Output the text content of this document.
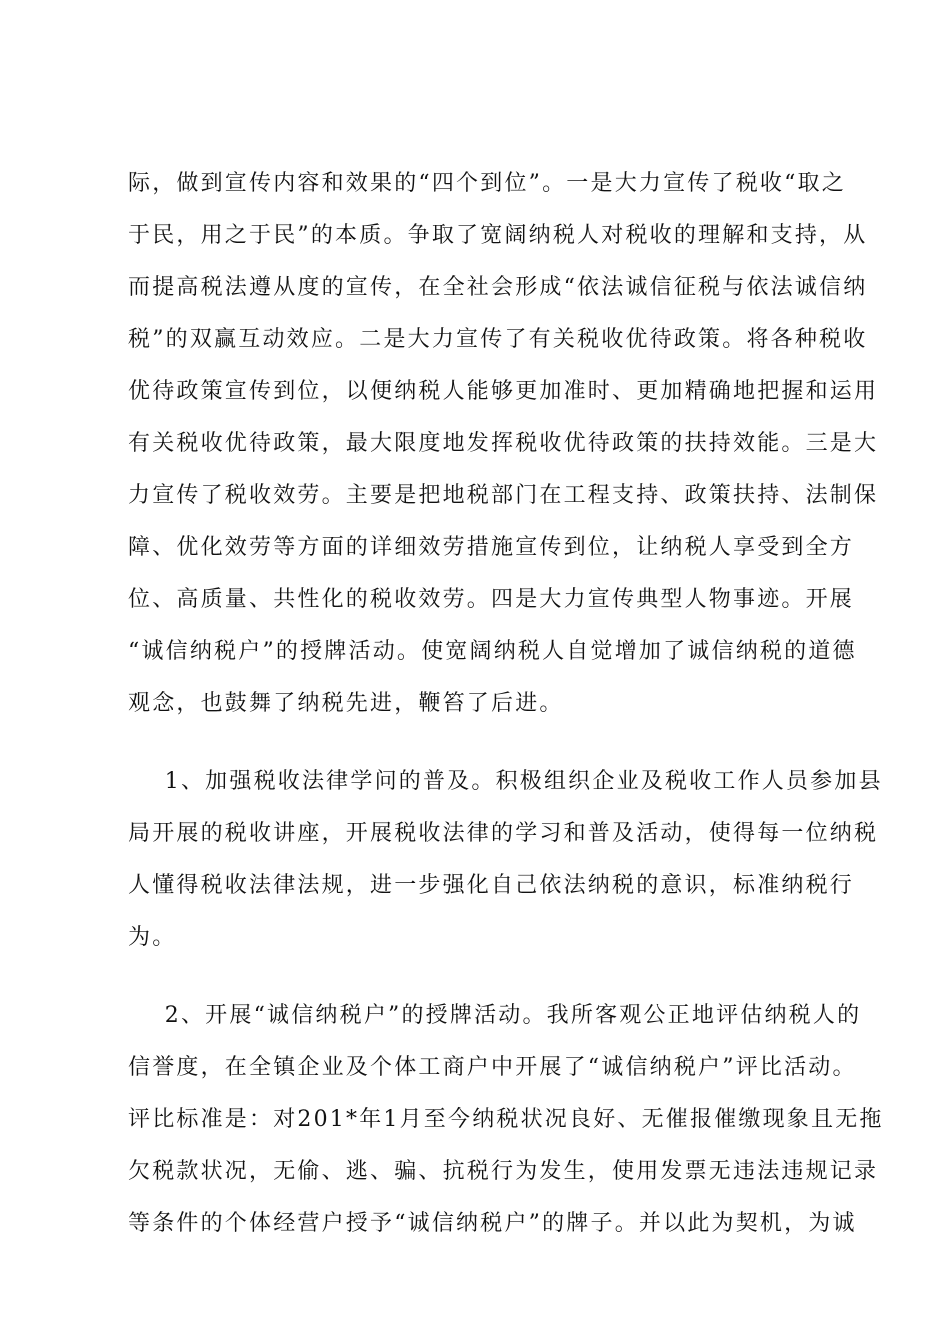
际，做到宣传内容和效果的“四个到位”。一是大力宣传了税收“取之
于民，用之于民”的本质。争取了宽阔纳税人对税收的理解和支持，从
而提高税法遵从度的宣传，在全社会形成“依法诚信征税与依法诚信纳
税”的双赢互动效应。二是大力宣传了有关税收优待政策。将各种税收
优待政策宣传到位，以便纳税人能够更加准时、更加精确地把握和运用
有关税收优待政策，最大限度地发挥税收优待政策的扶持效能。三是大
力宣传了税收效劳。主要是把地税部门在工程支持、政策扶持、法制保
障、优化效劳等方面的详细效劳措施宣传到位，让纳税人享受到全方
位、高质量、共性化的税收效劳。四是大力宣传典型人物事迹。开展
“诚信纳税户”的授牌活动。使宽阔纳税人自觉增加了诚信纳税的道德
观念，也鼓舞了纳税先进，鞭笞了后进。
1、加强税收法律学问的普及。积极组织企业及税收工作人员参加县
局开展的税收讲座，开展税收法律的学习和普及活动，使得每一位纳税
人懂得税收法律法规，进一步强化自己依法纳税的意识，标准纳税行
为。
2、开展“诚信纳税户”的授牌活动。我所客观公正地评估纳税人的
信誉度，在全镇企业及个体工商户中开展了“诚信纳税户”评比活动。
评比标准是：对201*年1月至今纳税状况良好、无催报催缴现象且无拖
欠税款状况，无偷、逃、骗、抗税行为发生，使用发票无违法违规记录
等条件的个体经营户授予“诚信纳税户”的牌子。并以此为契机，为诚
